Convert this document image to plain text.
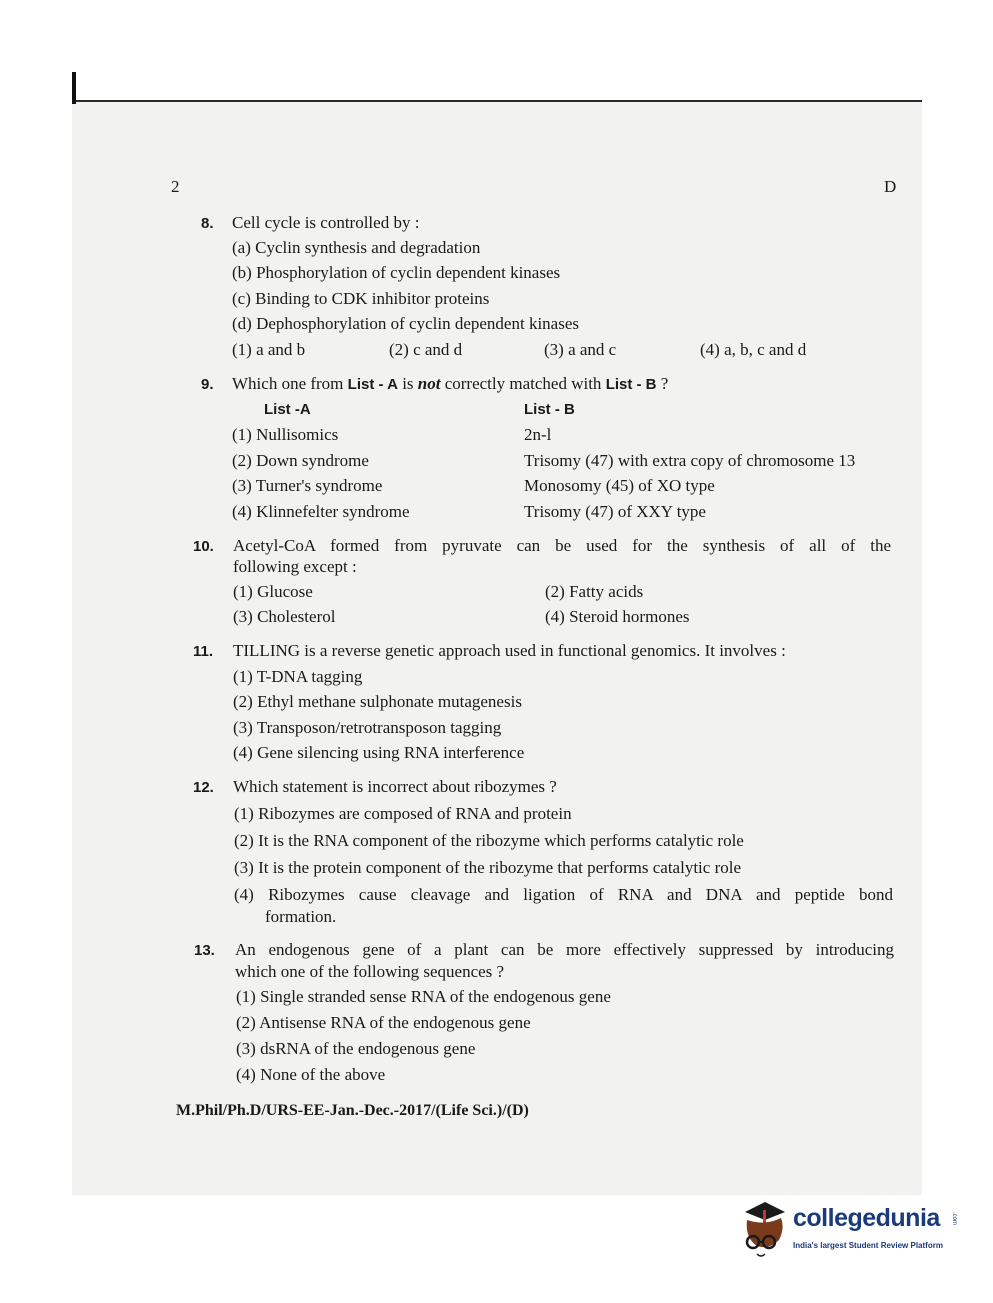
2	D
8. Cell cycle is controlled by :
(a) Cyclin synthesis and degradation
(b) Phosphorylation of cyclin dependent kinases
(c) Binding to CDK inhibitor proteins
(d) Dephosphorylation of cyclin dependent kinases
(1) a and b	(2) c and d	(3) a and c	(4) a, b, c and d
9. Which one from List - A is not correctly matched with List - B ?
List -A	List - B
(1) Nullisomics	2n-l
(2) Down syndrome	Trisomy (47) with extra copy of chromosome 13
(3) Turner's syndrome	Monosomy (45) of XO type
(4) Klinnefelter syndrome	Trisomy (47) of XXY type
10. Acetyl-CoA formed from pyruvate can be used for the synthesis of all of the
following except :
(1) Glucose	(2) Fatty acids
(3) Cholesterol	(4) Steroid hormones
11. TILLING is a reverse genetic approach used in functional genomics. It involves :
(1) T-DNA tagging
(2) Ethyl methane sulphonate mutagenesis
(3) Transposon/retrotransposon tagging
(4) Gene silencing using RNA interference
12. Which statement is incorrect about ribozymes ?
(1) Ribozymes are composed of RNA and protein
(2) It is the RNA component of the ribozyme which performs catalytic role
(3) It is the protein component of the ribozyme that performs catalytic role
(4) Ribozymes cause cleavage and ligation of RNA and DNA and peptide bond
formation.
13. An endogenous gene of a plant can be more effectively suppressed by introducing
which one of the following sequences ?
(1) Single stranded sense RNA of the endogenous gene
(2) Antisense RNA of the endogenous gene
(3) dsRNA of the endogenous gene
(4) None of the above
M.Phil/Ph.D/URS-EE-Jan.-Dec.-2017/(Life Sci.)/(D)
collegedunia .com
India's largest Student Review Platform
